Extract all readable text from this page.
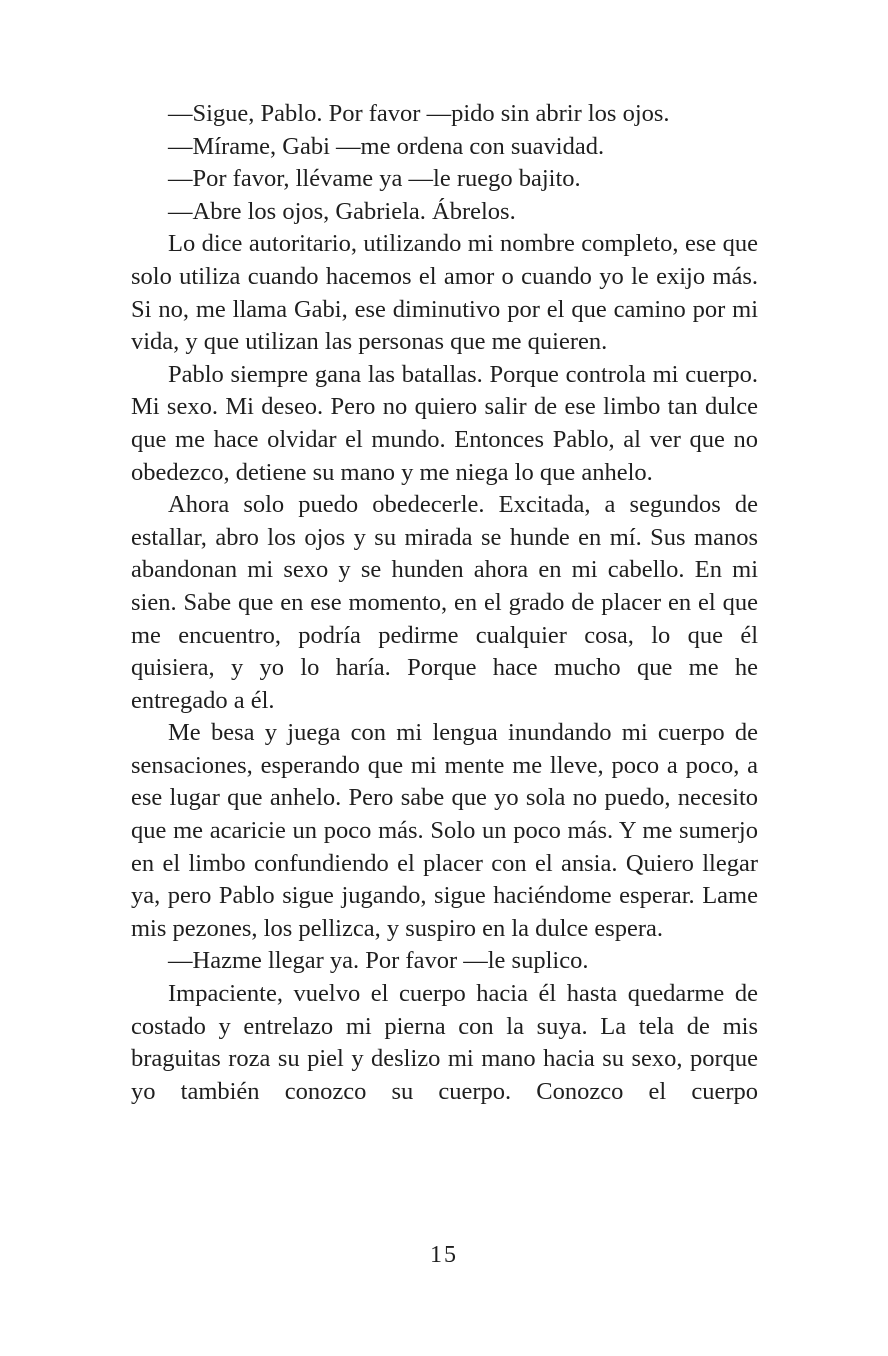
—Sigue, Pablo. Por favor —pido sin abrir los ojos.

—Mírame, Gabi —me ordena con suavidad.

—Por favor, llévame ya —le ruego bajito.

—Abre los ojos, Gabriela. Ábrelos.

Lo dice autoritario, utilizando mi nombre completo, ese que solo utiliza cuando hacemos el amor o cuando yo le exijo más. Si no, me llama Gabi, ese diminutivo por el que camino por mi vida, y que utilizan las personas que me quieren.

Pablo siempre gana las batallas. Porque controla mi cuerpo. Mi sexo. Mi deseo. Pero no quiero salir de ese limbo tan dulce que me hace olvidar el mundo. Entonces Pablo, al ver que no obedezco, detiene su mano y me niega lo que anhelo.

Ahora solo puedo obedecerle. Excitada, a segundos de estallar, abro los ojos y su mirada se hunde en mí. Sus manos abandonan mi sexo y se hunden ahora en mi cabello. En mi sien. Sabe que en ese momento, en el grado de placer en el que me encuentro, podría pedirme cualquier cosa, lo que él quisiera, y yo lo haría. Porque hace mucho que me he entregado a él.

Me besa y juega con mi lengua inundando mi cuerpo de sensaciones, esperando que mi mente me lleve, poco a poco, a ese lugar que anhelo. Pero sabe que yo sola no puedo, necesito que me acaricie un poco más. Solo un poco más. Y me sumerjo en el limbo confundiendo el placer con el ansia. Quiero llegar ya, pero Pablo sigue jugando, sigue haciéndome esperar. Lame mis pezones, los pellizca, y suspiro en la dulce espera.

—Hazme llegar ya. Por favor —le suplico.

Impaciente, vuelvo el cuerpo hacia él hasta quedarme de costado y entrelazo mi pierna con la suya. La tela de mis braguitas roza su piel y deslizo mi mano hacia su sexo, porque yo también conozco su cuerpo. Conozco el cuerpo

15
